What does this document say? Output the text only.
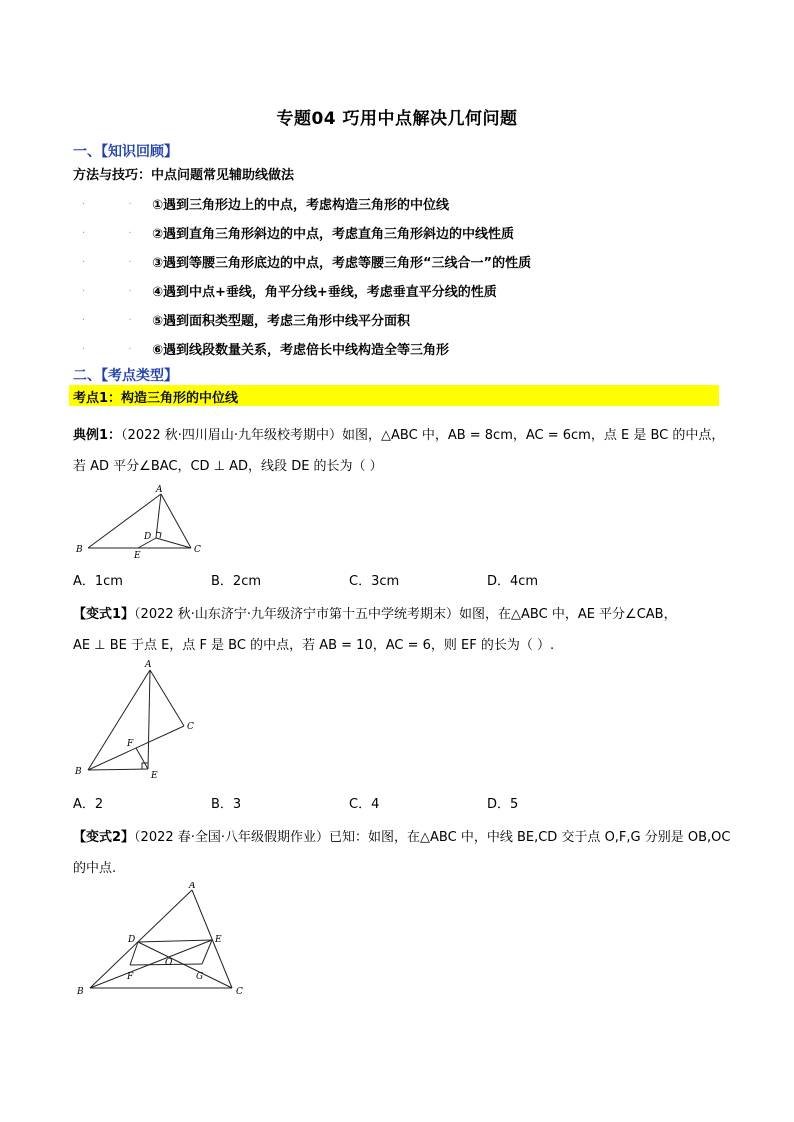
专题04 巧用中点解决几何问题
一、【知识回顾】
方法与技巧：中点问题常见辅助线做法
· · ①遇到三角形边上的中点，考虑构造三角形的中位线
· · ②遇到直角三角形斜边的中点，考虑直角三角形斜边的中线性质
· · ③遇到等腰三角形底边的中点，考虑等腰三角形“三线合一”的性质
· · ④遇到中点+垂线，角平分线+垂线，考虑垂直平分线的性质
· · ⑤遇到面积类型题，考虑三角形中线平分面积
· · ⑥遇到线段数量关系，考虑倍长中线构造全等三角形
二、【考点类型】
考点1：构造三角形的中位线
典例1：（2022 秋·四川眉山·九年级校考期中）如图，△ABC 中，AB = 8cm，AC = 6cm，点 E 是 BC 的中点，
若 AD 平分∠BAC，CD ⊥ AD，线段 DE 的长为（ ）
A
B	C
D
E
A．1cm	B．2cm	C．3cm	D．4cm
【变式1】（2022 秋·山东济宁·九年级济宁市第十五中学统考期末）如图，在△ABC 中，AE 平分∠CAB，
AE ⊥ BE 于点 E，点 F 是 BC 的中点，若 AB = 10，AC = 6，则 EF 的长为（ ）.
A
B
C
E
F
A．2	B．3	C．4	D．5
【变式2】（2022 春·全国·八年级假期作业）已知：如图，在△ABC 中，中线 BE,CD 交于点 O,F,G 分别是 OB,OC
的中点.
A
B	C
D	E
F	G
O
